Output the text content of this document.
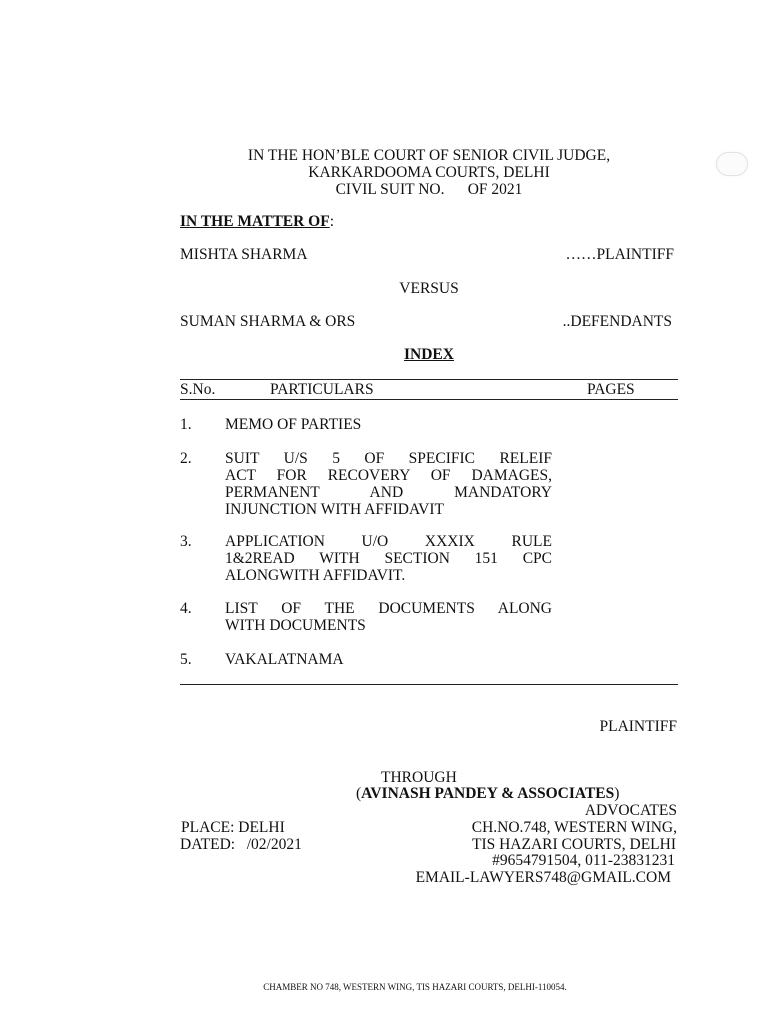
IN THE HON’BLE COURT OF SENIOR CIVIL JUDGE,
KARKARDOOMA COURTS, DELHI
CIVIL SUIT NO.      OF 2021
IN THE MATTER OF:
MISHTA SHARMA	……PLAINTIFF
VERSUS
SUMAN SHARMA & ORS	..DEFENDANTS
INDEX
S.No.	PARTICULARS	PAGES
1. MEMO OF PARTIES
2. SUIT U/S 5 OF SPECIFIC RELEIF
ACT FOR RECOVERY OF DAMAGES,
PERMANENT AND MANDATORY
INJUNCTION WITH AFFIDAVIT
3. APPLICATION U/O XXXIX RULE
1&2READ WITH SECTION 151 CPC
ALONGWITH AFFIDAVIT.
4. LIST OF THE DOCUMENTS ALONG
WITH DOCUMENTS
5. VAKALATNAMA
PLAINTIFF
THROUGH
(AVINASH PANDEY & ASSOCIATES)
ADVOCATES
CH.NO.748, WESTERN WING,
TIS HAZARI COURTS, DELHI
#9654791504, 011-23831231
EMAIL-LAWYERS748@GMAIL.COM
PLACE: DELHI
DATED:   /02/2021
CHAMBER NO 748, WESTERN WING, TIS HAZARI COURTS, DELHI-110054.
